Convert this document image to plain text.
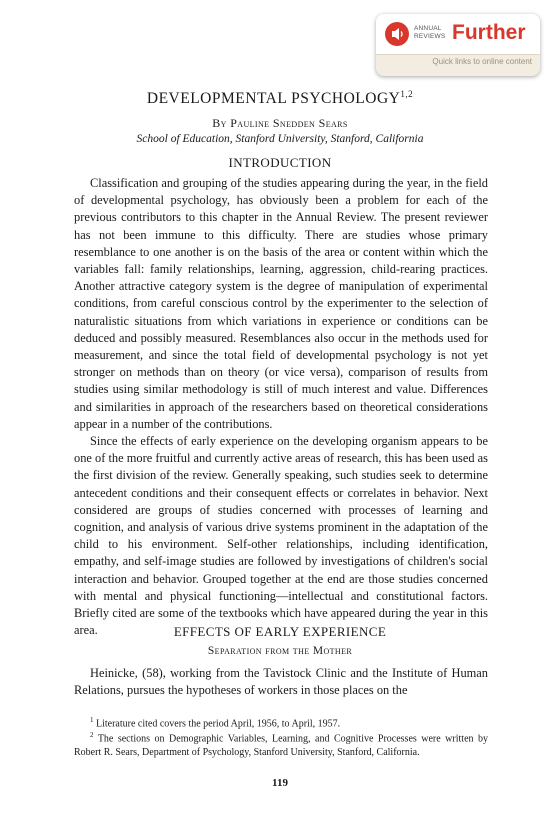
ANNUAL
REVIEWS Further
Quick links to online content
DEVELOPMENTAL PSYCHOLOGY$^{1,2}$
By Pauline Snedden Sears
School of Education, Stanford University, Stanford, California
INTRODUCTION

Classification and grouping of the studies appearing during the year, in the field of developmental psychology, has obviously been a problem for each of the previous contributors to this chapter in the Annual Review. The present reviewer has not been immune to this difficulty. There are studies whose primary resemblance to one another is on the basis of the area or content within which the variables fall: family relationships, learning, aggression, child-rearing practices. Another attractive category system is the degree of manipulation of experimental conditions, from careful conscious control by the experimenter to the selection of naturalistic situations from which variations in experience or conditions can be deduced and possibly measured. Resemblances also occur in the methods used for measurement, and since the total field of developmental psychology is not yet stronger on methods than on theory (or vice versa), comparison of results from studies using similar methodology is still of much interest and value. Differences and similarities in approach of the researchers based on theoretical considerations appear in a number of the contributions.

Since the effects of early experience on the developing organism appears to be one of the more fruitful and currently active areas of research, this has been used as the first division of the review. Generally speaking, such studies seek to determine antecedent conditions and their consequent effects or correlates in behavior. Next considered are groups of studies concerned with processes of learning and cognition, and analysis of various drive systems prominent in the adaptation of the child to his environment. Self-other relationships, including identification, empathy, and self-image studies are followed by investigations of children's social interaction and behavior. Grouped together at the end are those studies concerned with mental and physical functioning—intellectual and constitutional factors. Briefly cited are some of the textbooks which have appeared during the year in this area.	EFFECTS OF EARLY EXPERIENCE
Separation from the Mother

Heinicke, (58), working from the Tavistock Clinic and the Institute of Human Relations, pursues the hypotheses of workers in those places on the

$^1$ Literature cited covers the period April, 1956, to April, 1957.

$^2$ The sections on Demographic Variables, Learning, and Cognitive Processes were written by Robert R. Sears, Department of Psychology, Stanford University, Stanford, California.

119
